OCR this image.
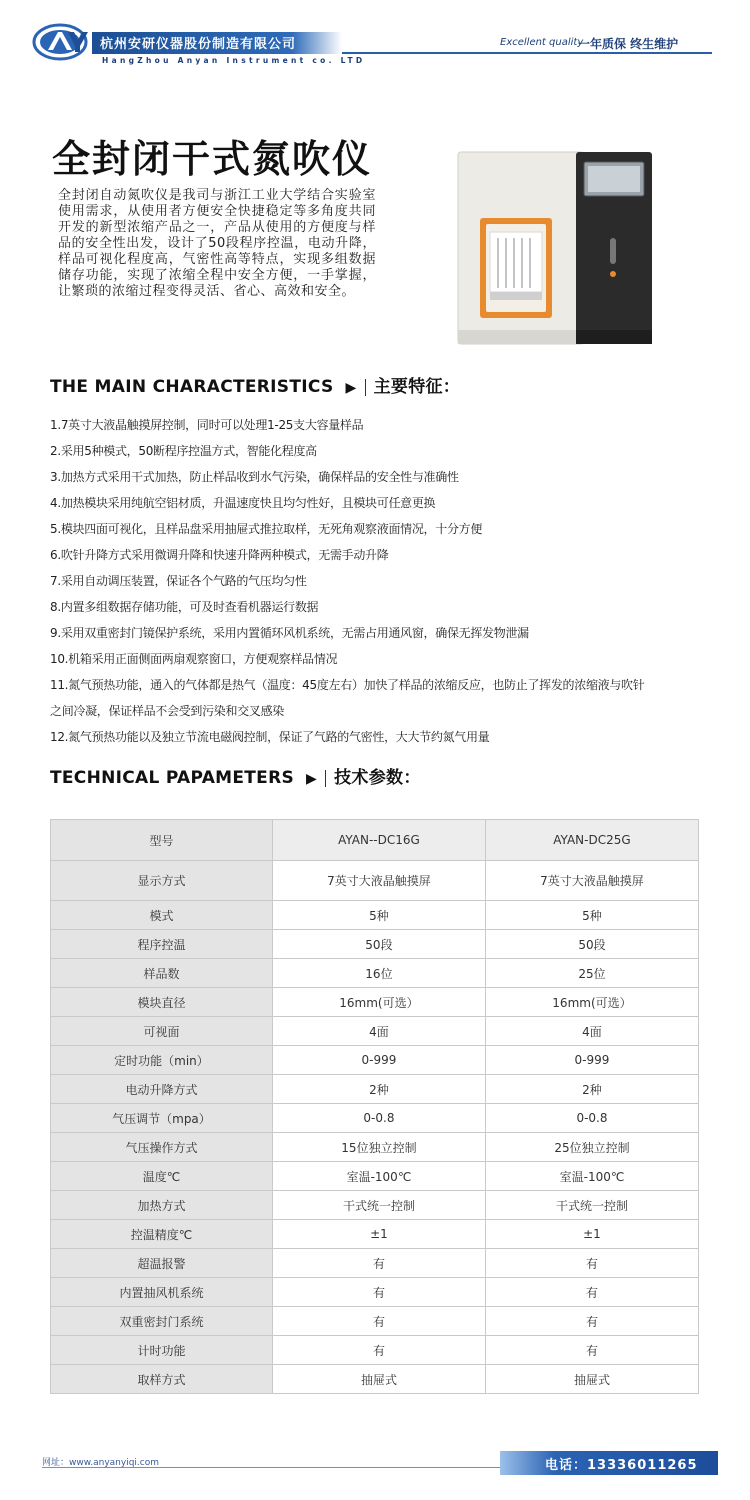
杭州安研仪器股份制造有限公司
HangZhou Anyan Instrument co. LTD
Excellent quality
一年质保 终生维护
全封闭干式氮吹仪
全封闭自动氮吹仪是我司与浙江工业大学结合实验室使用需求，从使用者方便安全快捷稳定等多角度共同开发的新型浓缩产品之一，产品从使用的方便度与样品的安全性出发，设计了50段程序控温，电动升降，样品可视化程度高，气密性高等特点，实现多组数据储存功能，实现了浓缩全程中安全方便，一手掌握，让繁琐的浓缩过程变得灵活、省心、高效和安全。
THE MAIN CHARACTERISTICS ▶ 主要特征：
1.7英寸大液晶触摸屏控制，同时可以处理1-25支大容量样品
2.采用5种模式，50断程序控温方式，智能化程度高
3.加热方式采用干式加热，防止样品收到水气污染，确保样品的安全性与准确性
4.加热模块采用纯航空铝材质，升温速度快且均匀性好，且模块可任意更换
5.模块四面可视化，且样品盘采用抽屉式推拉取样，无死角观察液面情况，十分方便
6.吹针升降方式采用微调升降和快速升降两种模式，无需手动升降
7.采用自动调压装置，保证各个气路的气压均匀性
8.内置多组数据存储功能，可及时查看机器运行数据
9.采用双重密封门镜保护系统，采用内置循环风机系统，无需占用通风窗，确保无挥发物泄漏
10.机箱采用正面侧面两扇观察窗口，方便观察样品情况
11.氮气预热功能，通入的气体都是热气（温度：45度左右）加快了样品的浓缩反应，也防止了挥发的浓缩液与吹针
之间冷凝，保证样品不会受到污染和交叉感染
12.氮气预热功能以及独立节流电磁阀控制，保证了气路的气密性，大大节约氮气用量
TECHNICAL PAPAMETERS ▶ 技术参数：
型号	AYAN--DC16G	AYAN-DC25G
显示方式	7英寸大液晶触摸屏	7英寸大液晶触摸屏
模式	5种	5种
程序控温	50段	50段
样品数	16位	25位
模块直径	16mm(可选）	16mm(可选）
可视面	4面	4面
定时功能（min）	0-999	0-999
电动升降方式	2种	2种
气压调节（mpa）	0-0.8	0-0.8
气压操作方式	15位独立控制	25位独立控制
温度℃	室温-100℃	室温-100℃
加热方式	干式统一控制	干式统一控制
控温精度℃	±1	±1
超温报警	有	有
内置抽风机系统	有	有
双重密封门系统	有	有
计时功能	有	有
取样方式	抽屉式	抽屉式
网址：www.anyanyiqi.com	电话：13336011265
